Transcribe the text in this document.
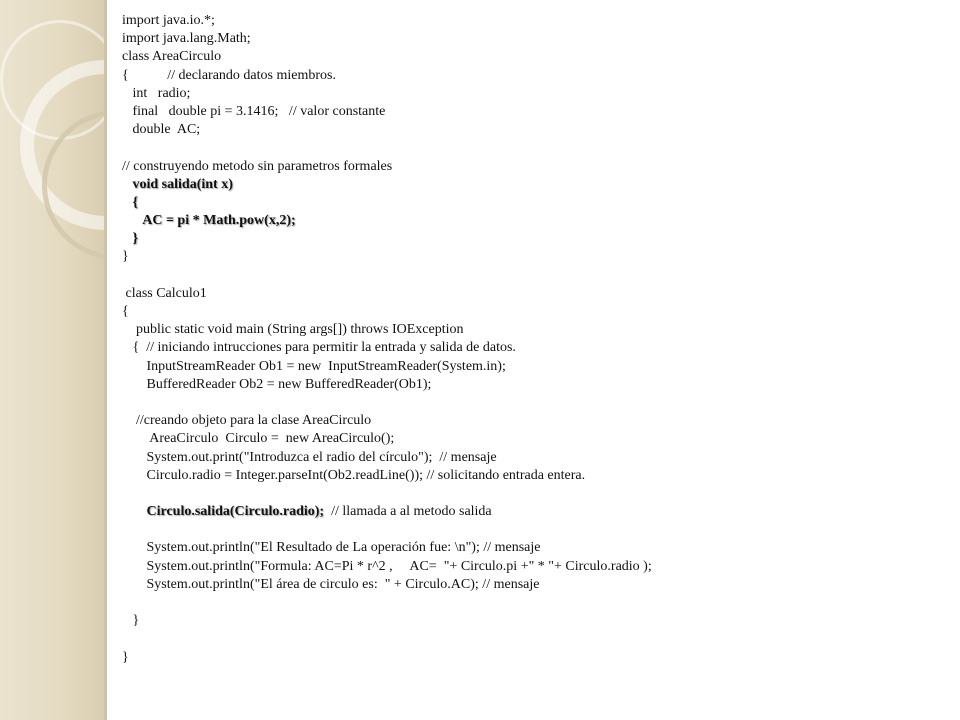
import java.io.*;
import java.lang.Math;
class AreaCirculo
{           // declarando datos miembros.
int   radio;
final   double pi = 3.1416;   // valor constante
double  AC;
// construyendo metodo sin parametros formales
void salida(int x)
{
AC = pi * Math.pow(x,2);
}
}
class Calculo1
{
public static void main (String args[]) throws IOException
{  // iniciando intrucciones para permitir la entrada y salida de datos.
InputStreamReader Ob1 = new  InputStreamReader(System.in);
BufferedReader Ob2 = new BufferedReader(Ob1);
//creando objeto para la clase AreaCirculo
AreaCirculo  Circulo =  new AreaCirculo();
System.out.print("Introduzca el radio del círculo");  // mensaje
Circulo.radio = Integer.parseInt(Ob2.readLine()); // solicitando entrada entera.
Circulo.salida(Circulo.radio);  // llamada a al metodo salida
System.out.println("El Resultado de La operación fue: \n"); // mensaje
System.out.println("Formula: AC=Pi * r^2 ,     AC=  "+ Circulo.pi +" * "+ Circulo.radio );
System.out.println("El área de circulo es:  " + Circulo.AC); // mensaje
}
}
